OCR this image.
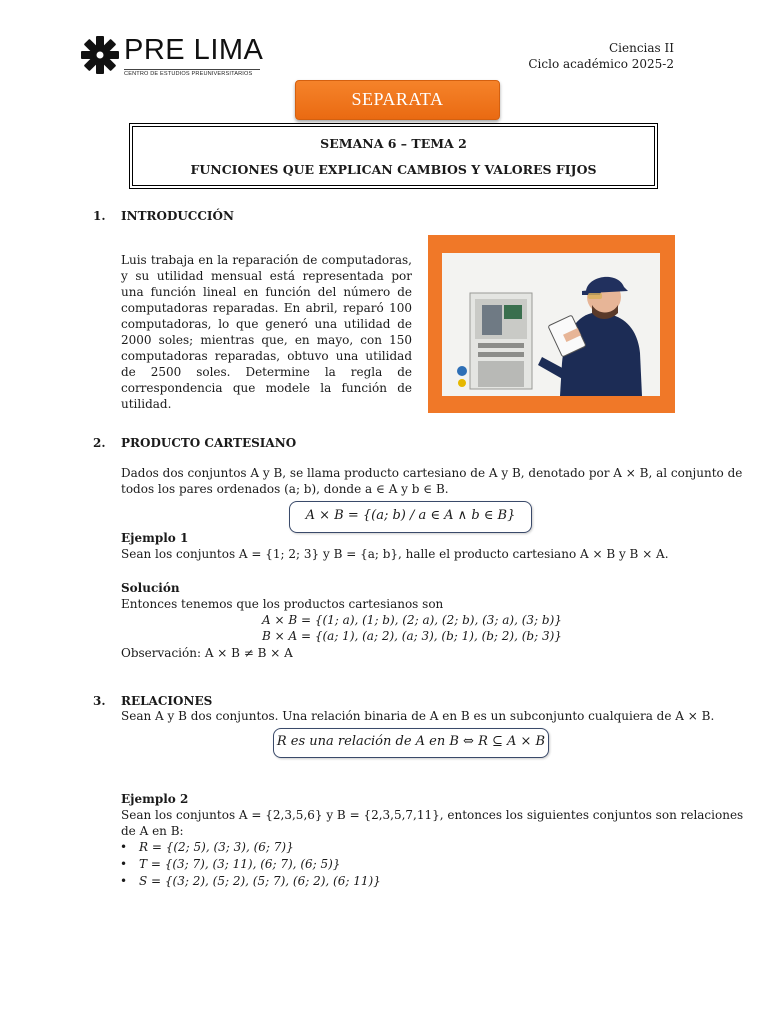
PRE LIMA
CENTRO DE ESTUDIOS PREUNIVERSITARIOS
Ciencias II
Ciclo académico 2025-2
SEPARATA
SEMANA 6 – TEMA 2
FUNCIONES QUE EXPLICAN CAMBIOS Y VALORES FIJOS
1. INTRODUCCIÓN
Luis trabaja en la reparación de computadoras, y su utilidad mensual está representada por una función lineal en función del número de computadoras reparadas. En abril, reparó 100 computadoras, lo que generó una utilidad de 2000 soles; mientras que, en mayo, con 150 computadoras reparadas, obtuvo una utilidad de 2500 soles. Determine la regla de correspondencia que modele la función de utilidad.
2. PRODUCTO CARTESIANO
Dados dos conjuntos A y B, se llama producto cartesiano de A y B, denotado por A × B, al conjunto de
todos los pares ordenados (a; b), donde a ∈ A y b ∈ B.
A × B = {(a; b) / a ∈ A ∧ b ∈ B}
Ejemplo 1
Sean los conjuntos A = {1; 2; 3} y B = {a; b}, halle el producto cartesiano A × B y B × A.
Solución
Entonces tenemos que los productos cartesianos son
A × B = {(1; a), (1; b), (2; a), (2; b), (3; a), (3; b)}
B × A = {(a; 1), (a; 2), (a; 3), (b; 1), (b; 2), (b; 3)}
Observación: A × B ≠ B × A
3. RELACIONES
Sean A y B dos conjuntos. Una relación binaria de A en B es un subconjunto cualquiera de A × B.
R es una relación de A en B ⇔ R ⊆ A × B
Ejemplo 2
Sean los conjuntos A = {2,3,5,6} y B = {2,3,5,7,11}, entonces los siguientes conjuntos son relaciones
de A en B:
• R = {(2; 5), (3; 3), (6; 7)}
• T = {(3; 7), (3; 11), (6; 7), (6; 5)}
• S = {(3; 2), (5; 2), (5; 7), (6; 2), (6; 11)}
